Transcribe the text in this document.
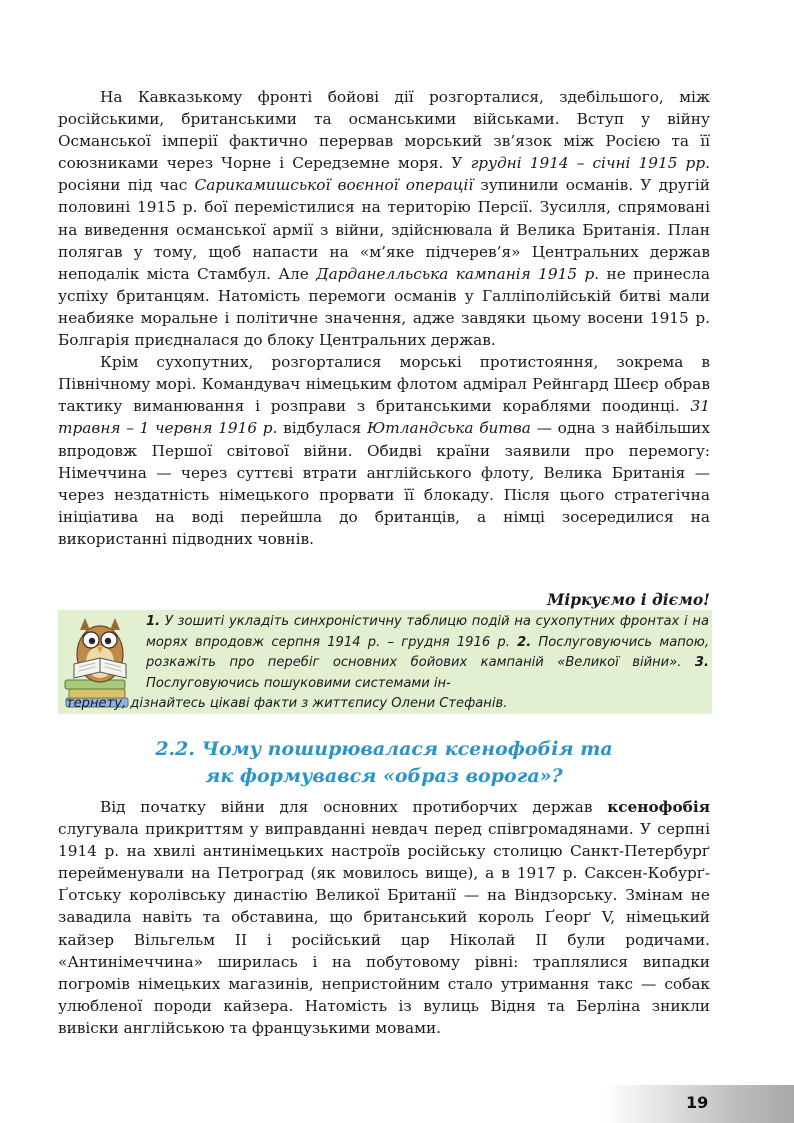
На Кавказькому фронті бойові дії розгорталися, здебільшого, між російськими, британськими та османськими військами. Вступ у війну Османської імперії фактично перервав морський зв’язок між Росією та її союзниками через Чорне і Середземне моря. У грудні 1914 – січні 1915 рр. росіяни під час Сарикамишської воєнної операції зупинили османів. У другій половині 1915 р. бої перемістилися на територію Персії. Зусилля, спрямовані на виведення османської армії з війни, здійснювала й Велика Британія. План полягав у тому, щоб напасти на «м’яке підчерев’я» Центральних держав неподалік міста Стамбул. Але Дарданелльська кампанія 1915 р. не принесла успіху британцям. Натомість перемоги османів у Галліполійській битві мали неабияке моральне і політичне значення, адже завдяки цьому восени 1915 р. Болгарія приєдналася до блоку Центральних держав.

Крім сухопутних, розгорталися морські протистояння, зокрема в Північному морі. Командувач німецьким флотом адмірал Рейнгард Шеєр обрав тактику виманювання і розправи з британськими кораблями поодинці. 31 травня – 1 червня 1916 р. відбулася Ютландська битва — одна з найбільших впродовж Першої світової війни. Обидві країни заявили про перемогу: Німеччина — через суттєві втрати англійського флоту, Велика Британія — через нездатність німецького прорвати її блокаду. Після цього стратегічна ініціатива на воді перейшла до британців, а німці зосередилися на використанні підводних човнів.

Міркуємо і діємо!
1. У зошиті укладіть синхроністичну таблицю подій на сухопутних фронтах і на морях впродовж серпня 1914 р. – грудня 1916 р. 2. Послуговуючись мапою, розкажіть про перебіг основних бойових кампаній «Великої війни». 3. Послуговуючись пошуковими системами ін-
тернету, дізнайтесь цікаві факти з життєпису Олени Стефанів.
2.2. Чому поширювалася ксенофобія та
як формувався «образ ворога»?

Від початку війни для основних протиборчих держав ксенофобія слугувала прикриттям у виправданні невдач перед співгромадянами. У серпні 1914 р. на хвилі антинімецьких настроїв російську столицю Санкт-Петербурґ перейменували на Петроград (як мовилось вище), а в 1917 р. Саксен-Кобурґ-Ґотську королівську династію Великої Британії — на Віндзорську. Змінам не завадила навіть та обставина, що британський король Ґеорґ V, німецький кайзер Вільгельм II і російський цар Ніколай II були родичами. «Антинімеччина» ширилась і на побутовому рівні: траплялися випадки погромів німецьких магазинів, непристойним стало утримання такс — собак улюбленої породи кайзера. Натомість із вулиць Відня та Берліна зникли вивіски англійською та французькими мовами.

19
